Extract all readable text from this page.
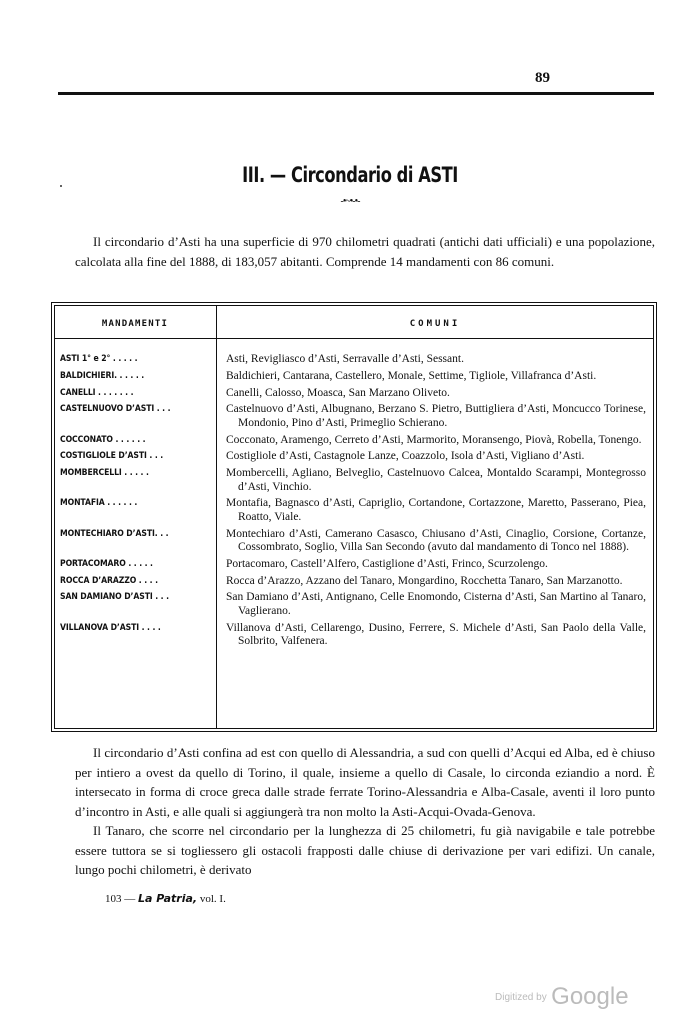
89
III. — Circondario di ASTI
-•~•-•-

Il circondario d’Asti ha una superficie di 970 chilometri quadrati (antichi dati ufficiali) e una popolazione, calcolata alla fine del 1888, di 183,057 abitanti. Comprende 14 mandamenti con 86 comuni.

MANDAMENTI	COMUNI
ASTI 1° e 2° . . . . .	Asti, Revigliasco d’Asti, Serravalle d’Asti, Sessant.
BALDICHIERI. . . . . .	Baldichieri, Cantarana, Castellero, Monale, Settime, Tigliole, Villafranca d’Asti.
CANELLI . . . . . . .	Canelli, Calosso, Moasca, San Marzano Oliveto.
CASTELNUOVO D’ASTI . . .	Castelnuovo d’Asti, Albugnano, Berzano S. Pietro, Buttigliera d’Asti, Moncucco Torinese, Mondonio, Pino d’Asti, Primeglio Schierano.
COCCONATO . . . . . .	Cocconato, Aramengo, Cerreto d’Asti, Marmorito, Moransengo, Piovà, Robella, Tonengo.
COSTIGLIOLE D’ASTI . . .	Costigliole d’Asti, Castagnole Lanze, Coazzolo, Isola d’Asti, Vigliano d’Asti.
MOMBERCELLI . . . . .	Mombercelli, Agliano, Belveglio, Castelnuovo Calcea, Montaldo Scarampi, Montegrosso d’Asti, Vinchio.
MONTAFIA . . . . . .	Montafia, Bagnasco d’Asti, Capriglio, Cortandone, Cortazzone, Maretto, Passerano, Piea, Roatto, Viale.
MONTECHIARO D’ASTI. . .	Montechiaro d’Asti, Camerano Casasco, Chiusano d’Asti, Cinaglio, Corsione, Cortanze, Cossombrato, Soglio, Villa San Secondo (avuto dal mandamento di Tonco nel 1888).
PORTACOMARO . . . . .	Portacomaro, Castell’Alfero, Castiglione d’Asti, Frinco, Scurzolengo.
ROCCA D’ARAZZO . . . .	Rocca d’Arazzo, Azzano del Tanaro, Mongardino, Rocchetta Tanaro, San Marzanotto.
SAN DAMIANO D’ASTI . . .	San Damiano d’Asti, Antignano, Celle Enomondo, Cisterna d’Asti, San Martino al Tanaro, Vaglierano.
VILLANOVA D’ASTI . . . .	Villanova d’Asti, Cellarengo, Dusino, Ferrere, S. Michele d’Asti, San Paolo della Valle, Solbrito, Valfenera.

Il circondario d’Asti confina ad est con quello di Alessandria, a sud con quelli d’Acqui ed Alba, ed è chiuso per intiero a ovest da quello di Torino, il quale, insieme a quello di Casale, lo circonda eziandio a nord. È intersecato in forma di croce greca dalle strade ferrate Torino-Alessandria e Alba-Casale, aventi il loro punto d’incontro in Asti, e alle quali si aggiungerà tra non molto la Asti-Acqui-Ovada-Genova.

Il Tanaro, che scorre nel circondario per la lunghezza di 25 chilometri, fu già navigabile e tale potrebbe essere tuttora se si togliessero gli ostacoli frapposti dalle chiuse di derivazione per vari edifizi. Un canale, lungo pochi chilometri, è derivato

103 — La Patria, vol. I.
$^{Digitized by}$ Google
